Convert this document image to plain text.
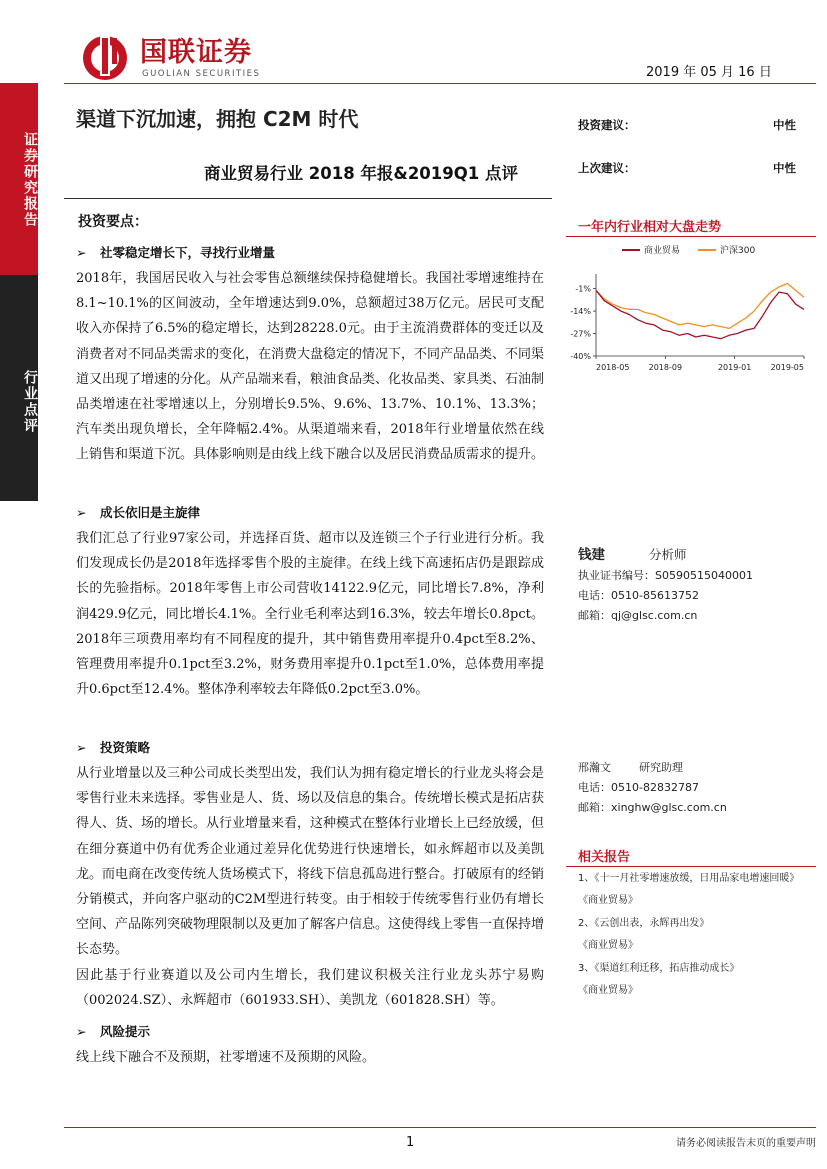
证券研究报告
行业点评
国联证券
GUOLIAN SECURITIES	2019 年 05 月 16 日
渠道下沉加速，拥抱 C2M 时代
商业贸易行业 2018 年报&2019Q1 点评
投资建议：	中性
上次建议：	中性
投资要点：
➢ 社零稳定增长下，寻找行业增量

2018年，我国居民收入与社会零售总额继续保持稳健增长。我国社零增速维持在8.1~10.1%的区间波动，全年增速达到9.0%，总额超过38万亿元。居民可支配收入亦保持了6.5%的稳定增长，达到28228.0元。由于主流消费群体的变迁以及消费者对不同品类需求的变化，在消费大盘稳定的情况下，不同产品品类、不同渠道又出现了增速的分化。从产品端来看，粮油食品类、化妆品类、家具类、石油制品类增速在社零增速以上，分别增长9.5%、9.6%、13.7%、10.1%、13.3%；汽车类出现负增长，全年降幅2.4%。从渠道端来看，2018年行业增量依然在线上销售和渠道下沉。具体影响则是由线上线下融合以及居民消费品质需求的提升。

➢ 成长依旧是主旋律

我们汇总了行业97家公司，并选择百货、超市以及连锁三个子行业进行分析。我们发现成长仍是2018年选择零售个股的主旋律。在线上线下高速拓店仍是跟踪成长的先验指标。2018年零售上市公司营收14122.9亿元，同比增长7.8%，净利润429.9亿元，同比增长4.1%。全行业毛利率达到16.3%，较去年增长0.8pct。2018年三项费用率均有不同程度的提升，其中销售费用率提升0.4pct至8.2%、管理费用率提升0.1pct至3.2%，财务费用率提升0.1pct至1.0%，总体费用率提升0.6pct至12.4%。整体净利率较去年降低0.2pct至3.0%。

➢ 投资策略

从行业增量以及三种公司成长类型出发，我们认为拥有稳定增长的行业龙头将会是零售行业未来选择。零售业是人、货、场以及信息的集合。传统增长模式是拓店获得人、货、场的增长。从行业增量来看，这种模式在整体行业增长上已经放缓，但在细分赛道中仍有优秀企业通过差异化优势进行快速增长，如永辉超市以及美凯龙。而电商在改变传统人货场模式下，将线下信息孤岛进行整合。打破原有的经销分销模式，并向客户驱动的C2M型进行转变。由于相较于传统零售行业仍有增长空间、产品陈列突破物理限制以及更加了解客户信息。这使得线上零售一直保持增长态势。

因此基于行业赛道以及公司内生增长，我们建议积极关注行业龙头苏宁易购（002024.SZ）、永辉超市（601933.SH）、美凯龙（601828.SH）等。

➢ 风险提示

线上线下融合不及预期，社零增速不及预期的风险。

一年内行业相对大盘走势
-1%
-14%
-27%
-40%
2018-05 2018-09	2019-01 2019-05
商业贸易	沪深300
钱建	分析师
执业证书编号：S0590515040001
电话：0510-85613752
邮箱：qj@glsc.com.cn
邢瀚文	研究助理
电话：0510-82832787
邮箱：xinghw@glsc.com.cn
相关报告
1、《十一月社零增速放缓，日用品家电增速回暖》
《商业贸易》
2、《云创出表，永辉再出发》
《商业贸易》
3、《渠道红利迁移，拓店推动成长》
《商业贸易》
1	请务必阅读报告末页的重要声明
